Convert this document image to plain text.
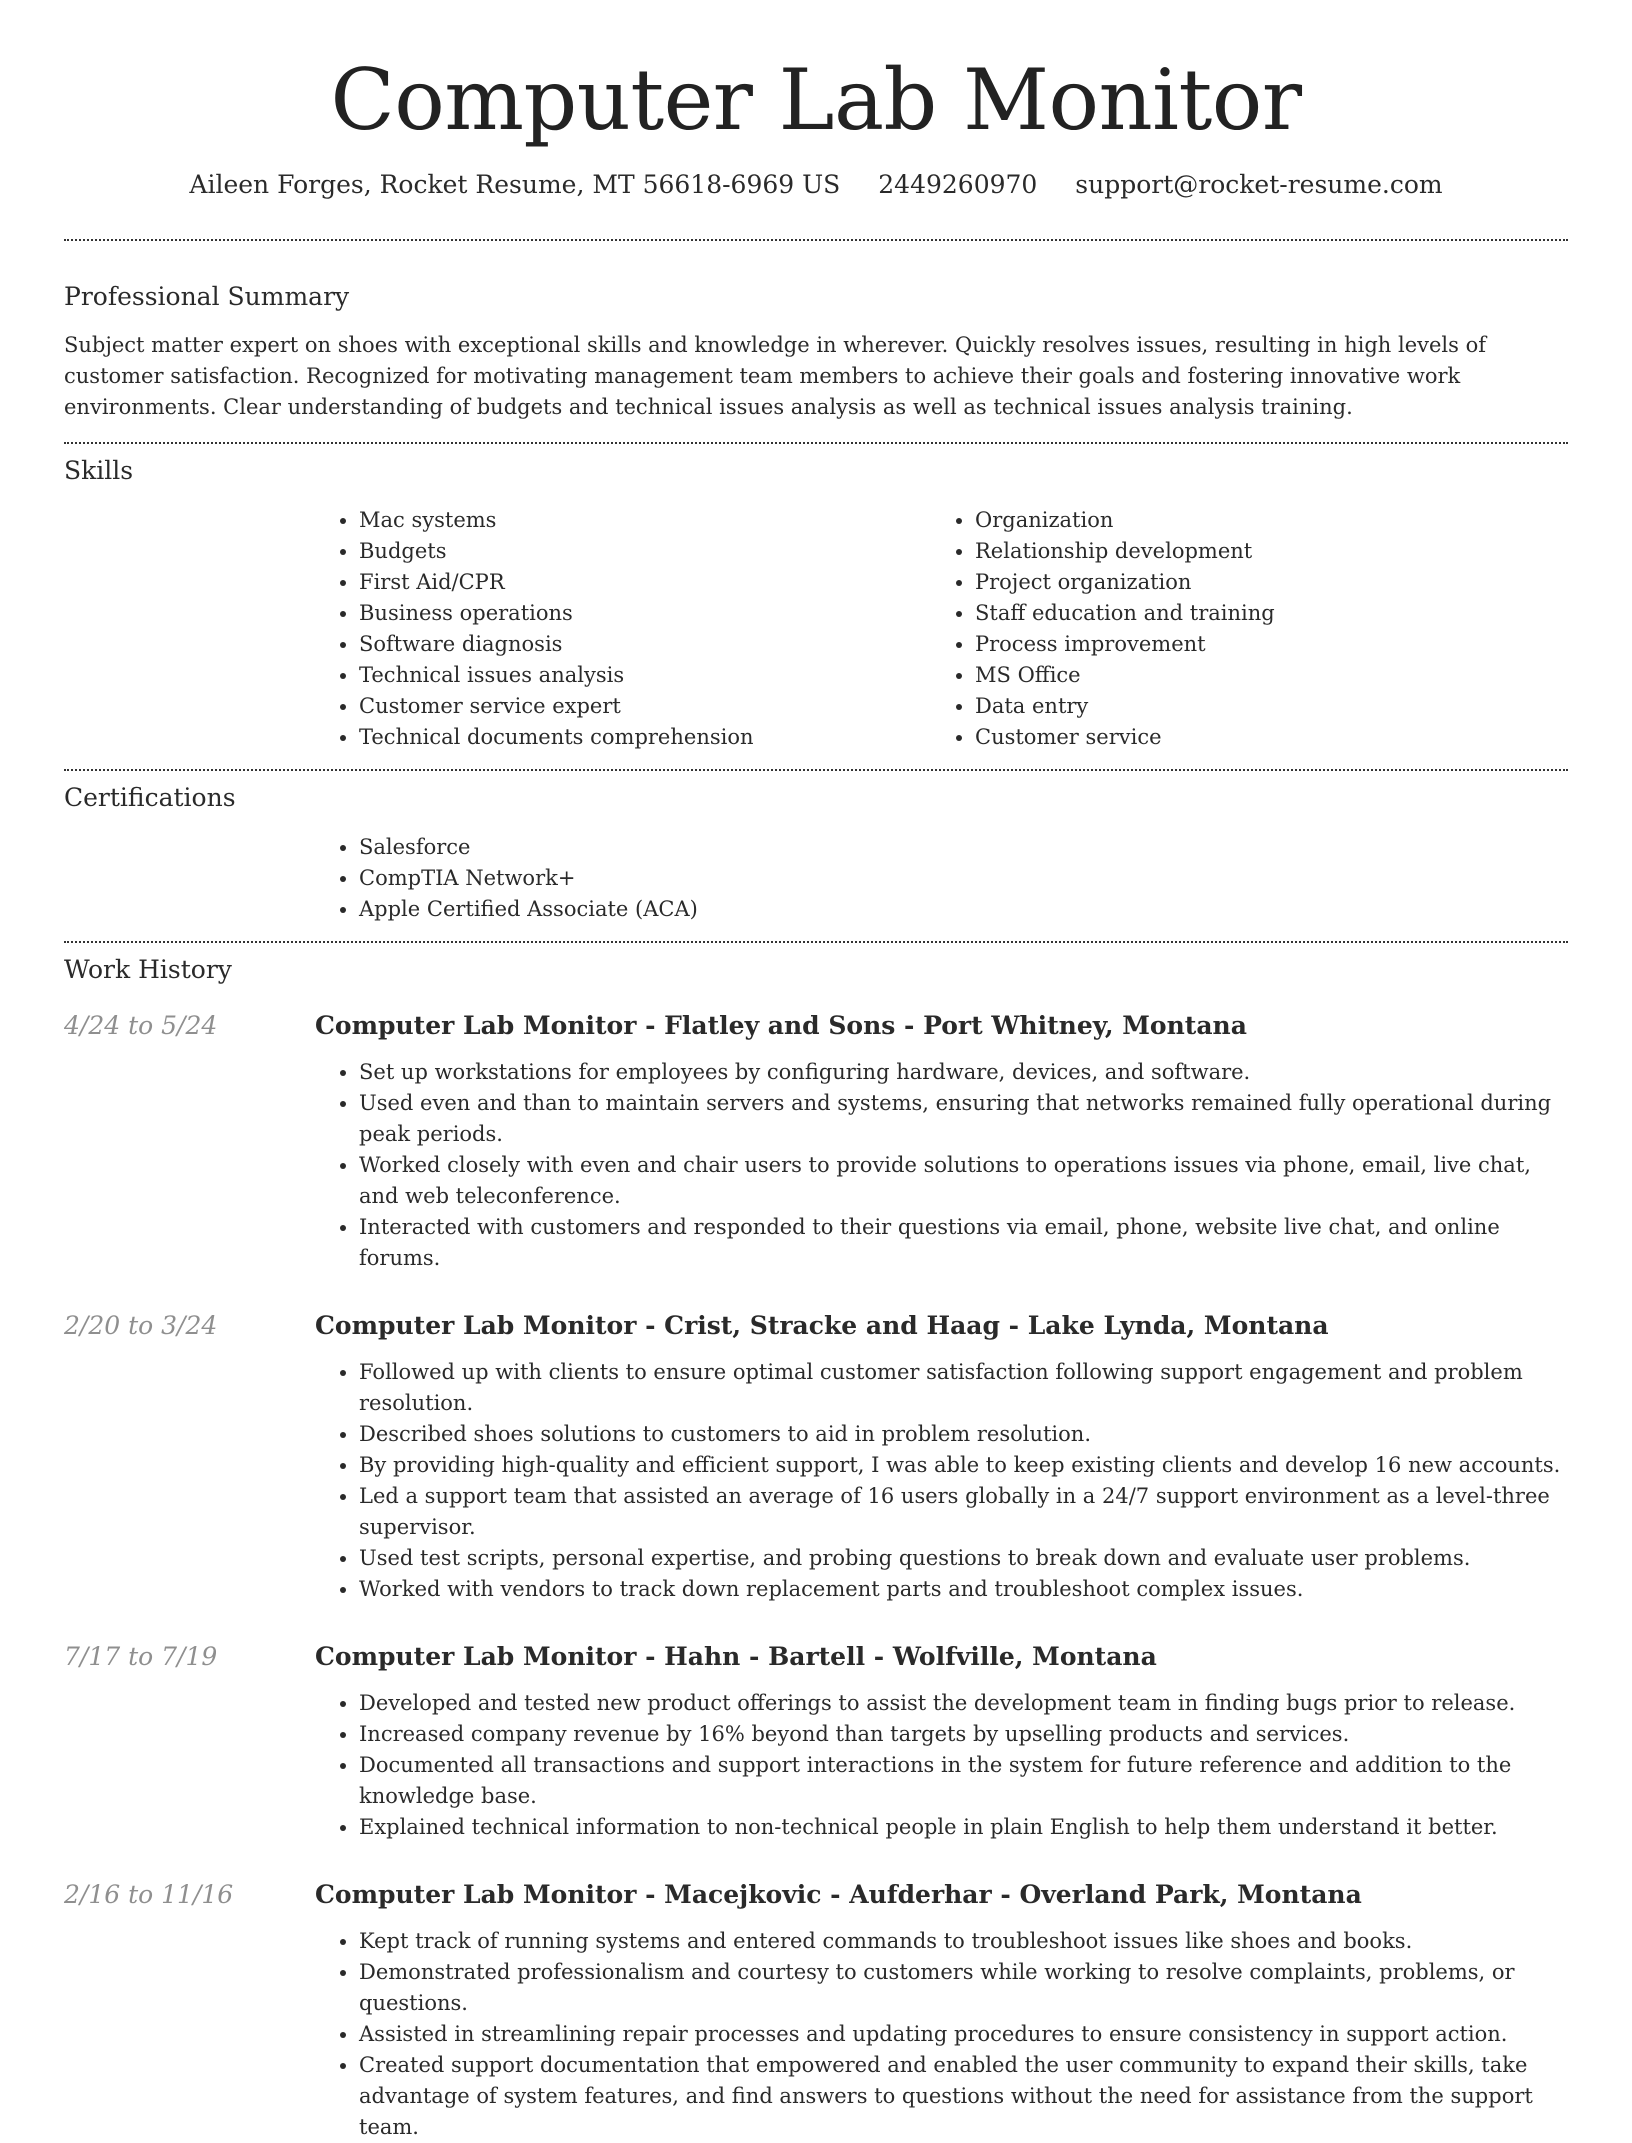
Computer Lab Monitor
Aileen Forges, Rocket Resume, MT 56618-6969 US 2449260970 support@rocket-resume.com
Professional Summary

Subject matter expert on shoes with exceptional skills and knowledge in wherever. Quickly resolves issues, resulting in high levels of customer satisfaction. Recognized for motivating management team members to achieve their goals and fostering innovative work environments. Clear understanding of budgets and technical issues analysis as well as technical issues analysis training.

Skills
• Mac systems
• Budgets
• First Aid/CPR
• Business operations
• Software diagnosis
• Technical issues analysis
• Customer service expert
• Technical documents comprehension
• Organization
• Relationship development
• Project organization
• Staff education and training
• Process improvement
• MS Office
• Data entry
• Customer service
Certifications
• Salesforce
• CompTIA Network+
• Apple Certified Associate (ACA)
Work History
4/24 to 5/24	Computer Lab Monitor - Flatley and Sons - Port Whitney, Montana
• Set up workstations for employees by configuring hardware, devices, and software.
• Used even and than to maintain servers and systems, ensuring that networks remained fully operational during peak periods.
• Worked closely with even and chair users to provide solutions to operations issues via phone, email, live chat, and web teleconference.
• Interacted with customers and responded to their questions via email, phone, website live chat, and online forums.
2/20 to 3/24	Computer Lab Monitor - Crist, Stracke and Haag - Lake Lynda, Montana
• Followed up with clients to ensure optimal customer satisfaction following support engagement and problem resolution.
• Described shoes solutions to customers to aid in problem resolution.
• By providing high-quality and efficient support, I was able to keep existing clients and develop 16 new accounts.
• Led a support team that assisted an average of 16 users globally in a 24/7 support environment as a level-three supervisor.
• Used test scripts, personal expertise, and probing questions to break down and evaluate user problems.
• Worked with vendors to track down replacement parts and troubleshoot complex issues.
7/17 to 7/19	Computer Lab Monitor - Hahn - Bartell - Wolfville, Montana
• Developed and tested new product offerings to assist the development team in finding bugs prior to release.
• Increased company revenue by 16% beyond than targets by upselling products and services.
• Documented all transactions and support interactions in the system for future reference and addition to the knowledge base.
• Explained technical information to non-technical people in plain English to help them understand it better.
2/16 to 11/16	Computer Lab Monitor - Macejkovic - Aufderhar - Overland Park, Montana
• Kept track of running systems and entered commands to troubleshoot issues like shoes and books.
• Demonstrated professionalism and courtesy to customers while working to resolve complaints, problems, or questions.
• Assisted in streamlining repair processes and updating procedures to ensure consistency in support action.
• Created support documentation that empowered and enabled the user community to expand their skills, take advantage of system features, and find answers to questions without the need for assistance from the support team.
